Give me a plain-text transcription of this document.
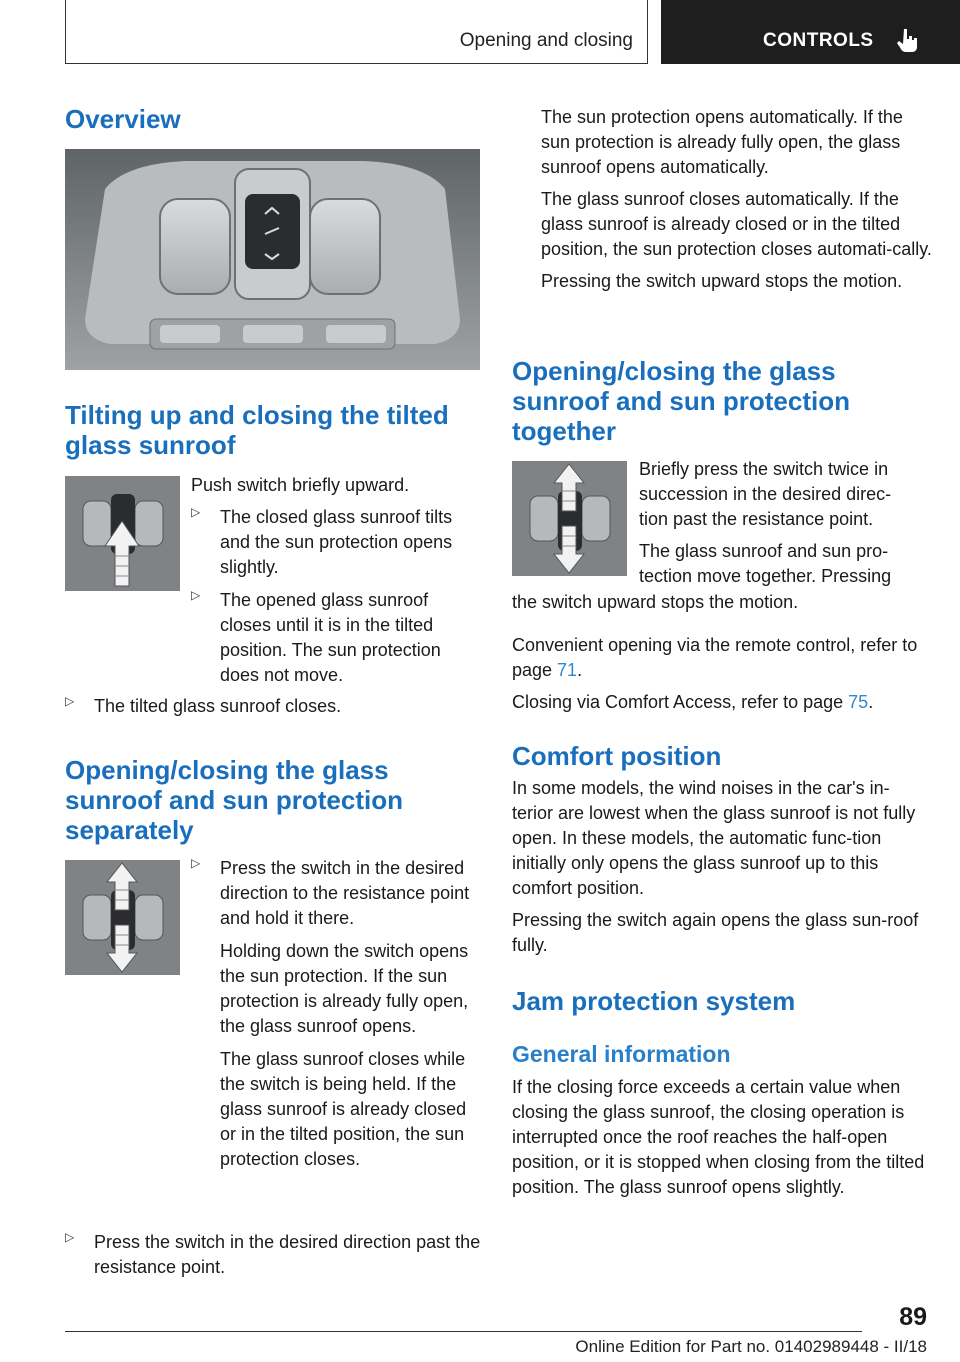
Opening and closing	CONTROLS
Overview
Tilting up and closing the tilted
glass sunroof

Push switch briefly upward.

▷ The closed glass sunroof tilts and the sun protection opens slightly.

▷ The opened glass sunroof closes until it is in the tilted position. The sun protection does not move.

▷ The tilted glass sunroof closes.

Opening/closing the glass
sunroof and sun protection
separately
▷ Press the switch in the desired direction to the resistance point and hold it there.

Holding down the switch opens the sun protection. If the sun protection is already fully open, the glass sunroof opens.

The glass sunroof closes while the switch is being held. If the glass sunroof is already closed or in the tilted position, the sun protection closes.

▷ Press the switch in the desired direction past the resistance point.

The sun protection opens automatically. If the sun protection is already fully open, the glass sunroof opens automatically.

The glass sunroof closes automatically. If the glass sunroof is already closed or in the tilted position, the sun protection closes automati-cally.

Pressing the switch upward stops the motion.

Opening/closing the glass
sunroof and sun protection
together

Briefly press the switch twice in succession in the desired direc-tion past the resistance point.

The glass sunroof and sun pro-tection move together. Pressing

the switch upward stops the motion.

Convenient opening via the remote control, refer to page 71.

Closing via Comfort Access, refer to page 75.

Comfort position

In some models, the wind noises in the car's in-terior are lowest when the glass sunroof is not fully open. In these models, the automatic func-tion initially only opens the glass sunroof up to this comfort position.

Pressing the switch again opens the glass sun-roof fully.

Jam protection system
General information

If the closing force exceeds a certain value when closing the glass sunroof, the closing operation is interrupted once the roof reaches the half-open position, or it is stopped when closing from the tilted position. The glass sunroof opens slightly.

89
Online Edition for Part no. 01402989448 - II/18
